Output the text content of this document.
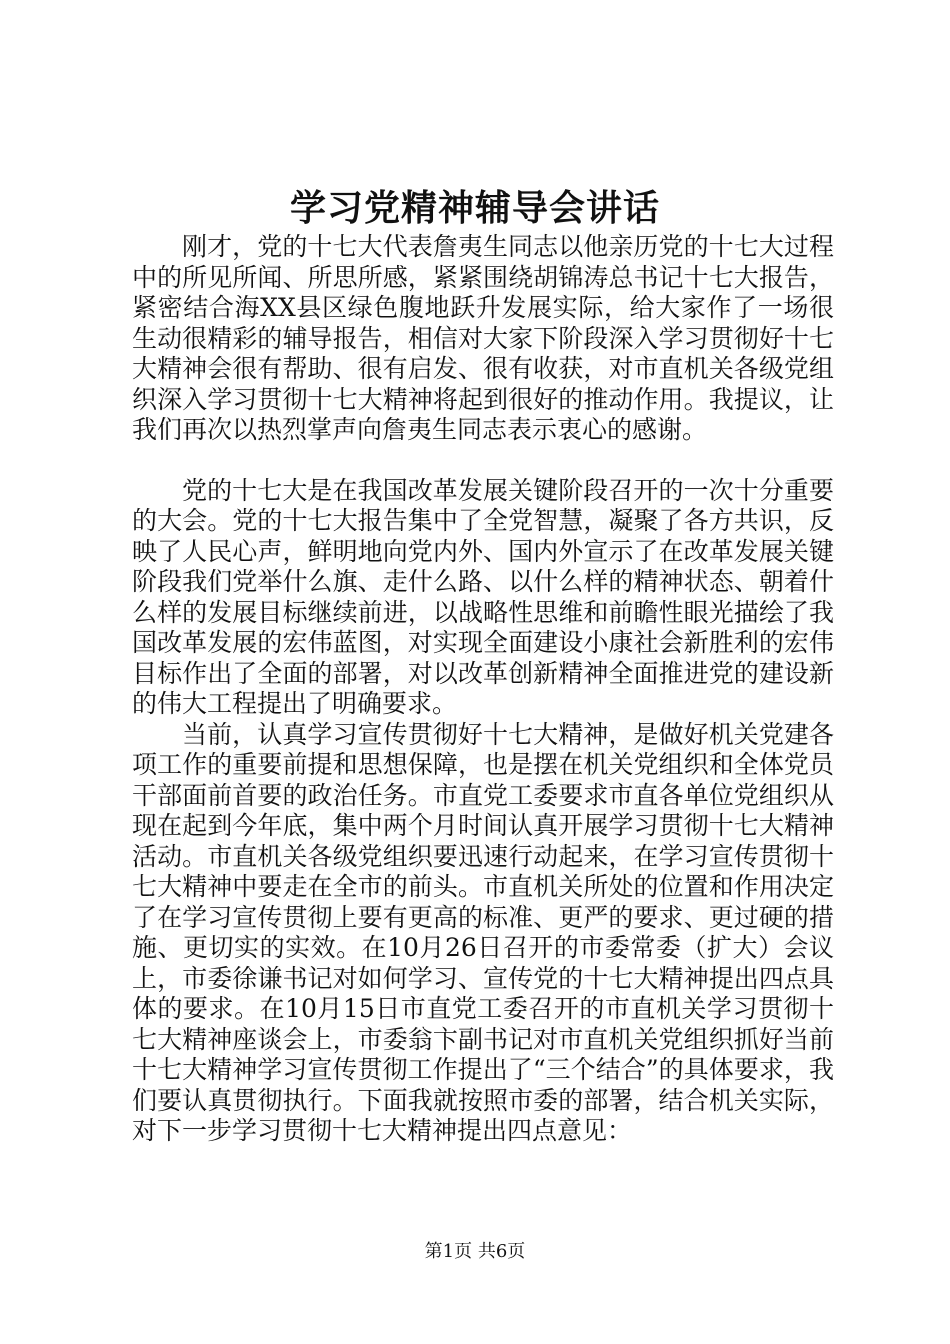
学习党精神辅导会讲话

刚才，党的十七大代表詹夷生同志以他亲历党的十七大过程中的所见所闻、所思所感，紧紧围绕胡锦涛总书记十七大报告，紧密结合海XX县区绿色腹地跃升发展实际，给大家作了一场很生动很精彩的辅导报告，相信对大家下阶段深入学习贯彻好十七大精神会很有帮助、很有启发、很有收获，对市直机关各级党组织深入学习贯彻十七大精神将起到很好的推动作用。我提议，让我们再次以热烈掌声向詹夷生同志表示衷心的感谢。

党的十七大是在我国改革发展关键阶段召开的一次十分重要的大会。党的十七大报告集中了全党智慧，凝聚了各方共识，反映了人民心声，鲜明地向党内外、国内外宣示了在改革发展关键阶段我们党举什么旗、走什么路、以什么样的精神状态、朝着什么样的发展目标继续前进，以战略性思维和前瞻性眼光描绘了我国改革发展的宏伟蓝图，对实现全面建设小康社会新胜利的宏伟目标作出了全面的部署，对以改革创新精神全面推进党的建设新的伟大工程提出了明确要求。

当前，认真学习宣传贯彻好十七大精神，是做好机关党建各项工作的重要前提和思想保障，也是摆在机关党组织和全体党员干部面前首要的政治任务。市直党工委要求市直各单位党组织从现在起到今年底，集中两个月时间认真开展学习贯彻十七大精神活动。市直机关各级党组织要迅速行动起来，在学习宣传贯彻十七大精神中要走在全市的前头。市直机关所处的位置和作用决定了在学习宣传贯彻上要有更高的标准、更严的要求、更过硬的措施、更切实的实效。在10月26日召开的市委常委（扩大）会议上，市委徐谦书记对如何学习、宣传党的十七大精神提出四点具体的要求。在10月15日市直党工委召开的市直机关学习贯彻十七大精神座谈会上，市委翁卞副书记对市直机关党组织抓好当前十七大精神学习宣传贯彻工作提出了“三个结合”的具体要求，我们要认真贯彻执行。下面我就按照市委的部署，结合机关实际，对下一步学习贯彻十七大精神提出四点意见：

第1页 共6页
